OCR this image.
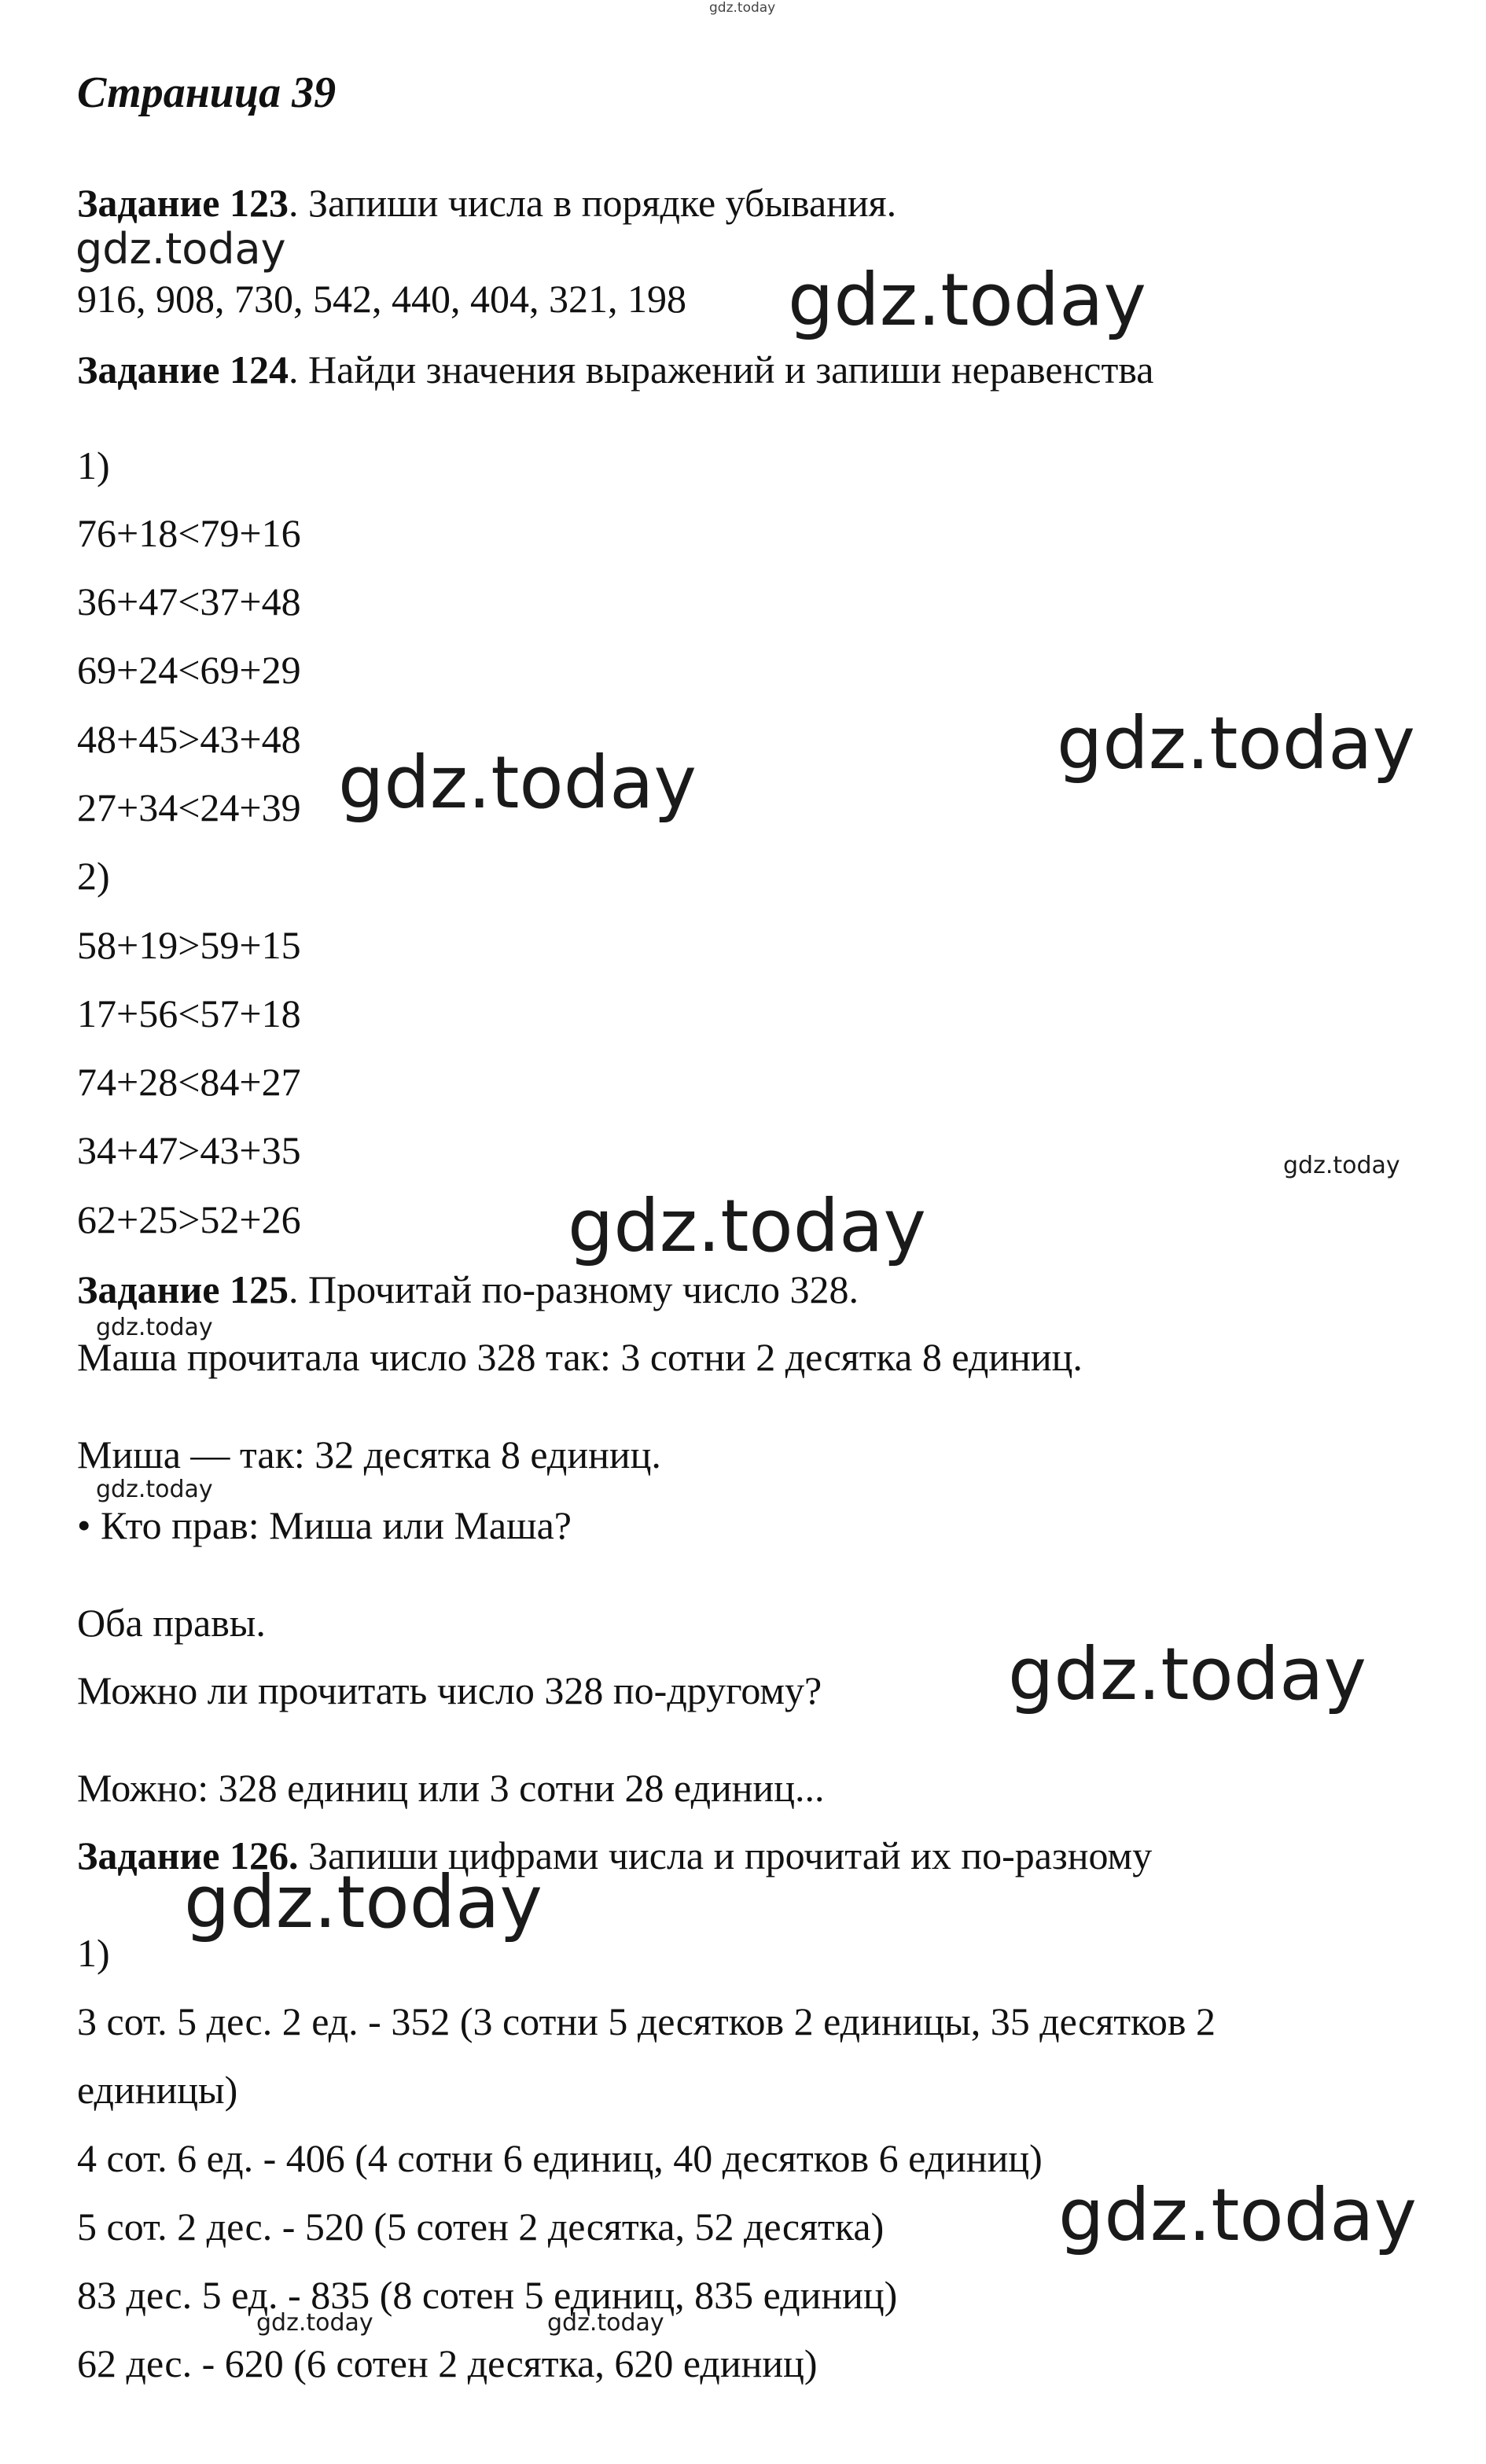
Страница 39
Задание 123. Запиши числа в порядке убывания.
916, 908, 730, 542, 440, 404, 321, 198
Задание 124. Найди значения выражений и запиши неравенства
1)
76+18<79+16
36+47<37+48
69+24<69+29
48+45>43+48
27+34<24+39
2)
58+19>59+15
17+56<57+18
74+28<84+27
34+47>43+35
62+25>52+26
Задание 125. Прочитай по-разному число 328.
Маша прочитала число 328 так: 3 сотни 2 десятка 8 единиц.
Миша — так: 32 десятка 8 единиц.
• Кто прав: Миша или Маша?
Оба правы.
Можно ли прочитать число 328 по-другому?
Можно: 328 единиц или 3 сотни 28 единиц...
Задание 126. Запиши цифрами числа и прочитай их по-разному
1)
3 сот. 5 дес. 2 ед. - 352 (3 сотни 5 десятков 2 единицы, 35 десятков 2
единицы)
4 сот. 6 ед. - 406 (4 сотни 6 единиц, 40 десятков 6 единиц)
5 сот. 2 дес. - 520 (5 сотен 2 десятка, 52 десятка)
83 дес. 5 ед. - 835 (8 сотен 5 единиц, 835 единиц)
62 дес. - 620 (6 сотен 2 десятка, 620 единиц)
gdz.today
gdz.today
gdz.today
gdz.today
gdz.today
gdz.today
gdz.today
gdz.today
gdz.today
gdz.today
gdz.today
gdz.today
gdz.today	gdz.today
